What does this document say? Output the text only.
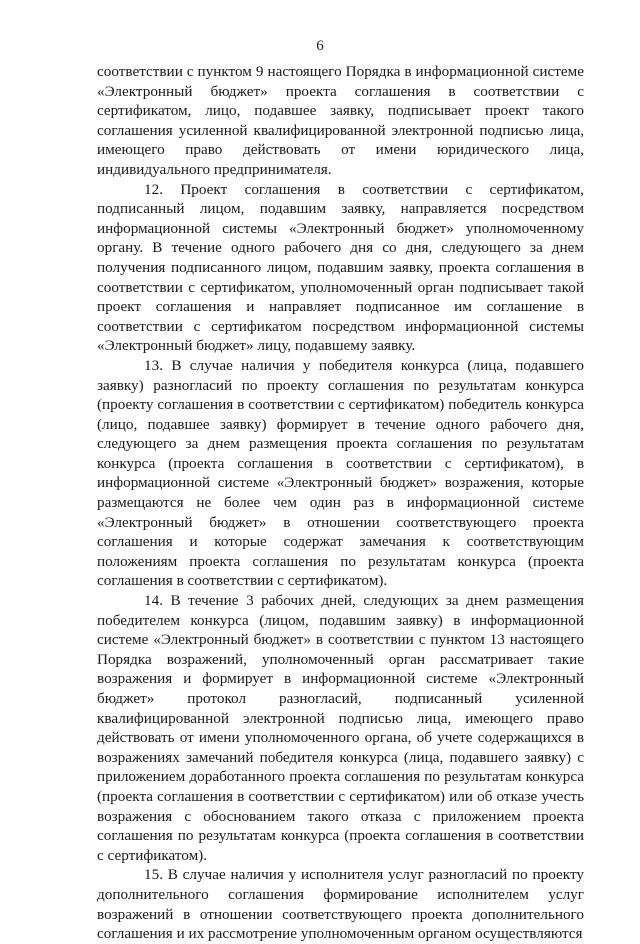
6

соответствии с пунктом 9 настоящего Порядка в информационной системе «Электронный бюджет» проекта соглашения в соответствии с сертификатом, лицо, подавшее заявку, подписывает проект такого соглашения усиленной квалифицированной электронной подписью лица, имеющего право действовать от имени юридического лица, индивидуального предпринимателя.

12. Проект соглашения в соответствии с сертификатом, подписанный лицом, подавшим заявку, направляется посредством информационной системы «Электронный бюджет» уполномоченному органу. В течение одного рабочего дня со дня, следующего за днем получения подписанного лицом, подавшим заявку, проекта соглашения в соответствии с сертификатом, уполномоченный орган подписывает такой проект соглашения и направляет подписанное им соглашение в соответствии с сертификатом посредством информационной системы «Электронный бюджет» лицу, подавшему заявку.

13. В случае наличия у победителя конкурса (лица, подавшего заявку) разногласий по проекту соглашения по результатам конкурса (проекту соглашения в соответствии с сертификатом) победитель конкурса (лицо, подавшее заявку) формирует в течение одного рабочего дня, следующего за днем размещения проекта соглашения по результатам конкурса (проекта соглашения в соответствии с сертификатом), в информационной системе «Электронный бюджет» возражения, которые размещаются не более чем один раз в информационной системе «Электронный бюджет» в отношении соответствующего проекта соглашения и которые содержат замечания к соответствующим положениям проекта соглашения по результатам конкурса (проекта соглашения в соответствии с сертификатом).

14. В течение 3 рабочих дней, следующих за днем размещения победителем конкурса (лицом, подавшим заявку) в информационной системе «Электронный бюджет» в соответствии с пунктом 13 настоящего Порядка возражений, уполномоченный орган рассматривает такие возражения и формирует в информационной системе «Электронный бюджет» протокол разногласий, подписанный усиленной квалифицированной электронной подписью лица, имеющего право действовать от имени уполномоченного органа, об учете содержащихся в возражениях замечаний победителя конкурса (лица, подавшего заявку) с приложением доработанного проекта соглашения по результатам конкурса (проекта соглашения в соответствии с сертификатом) или об отказе учесть возражения с обоснованием такого отказа с приложением проекта соглашения по результатам конкурса (проекта соглашения в соответствии с сертификатом).

15. В случае наличия у исполнителя услуг разногласий по проекту дополнительного соглашения формирование исполнителем услуг возражений в отношении соответствующего проекта дополнительного соглашения и их рассмотрение уполномоченным органом осуществляются
